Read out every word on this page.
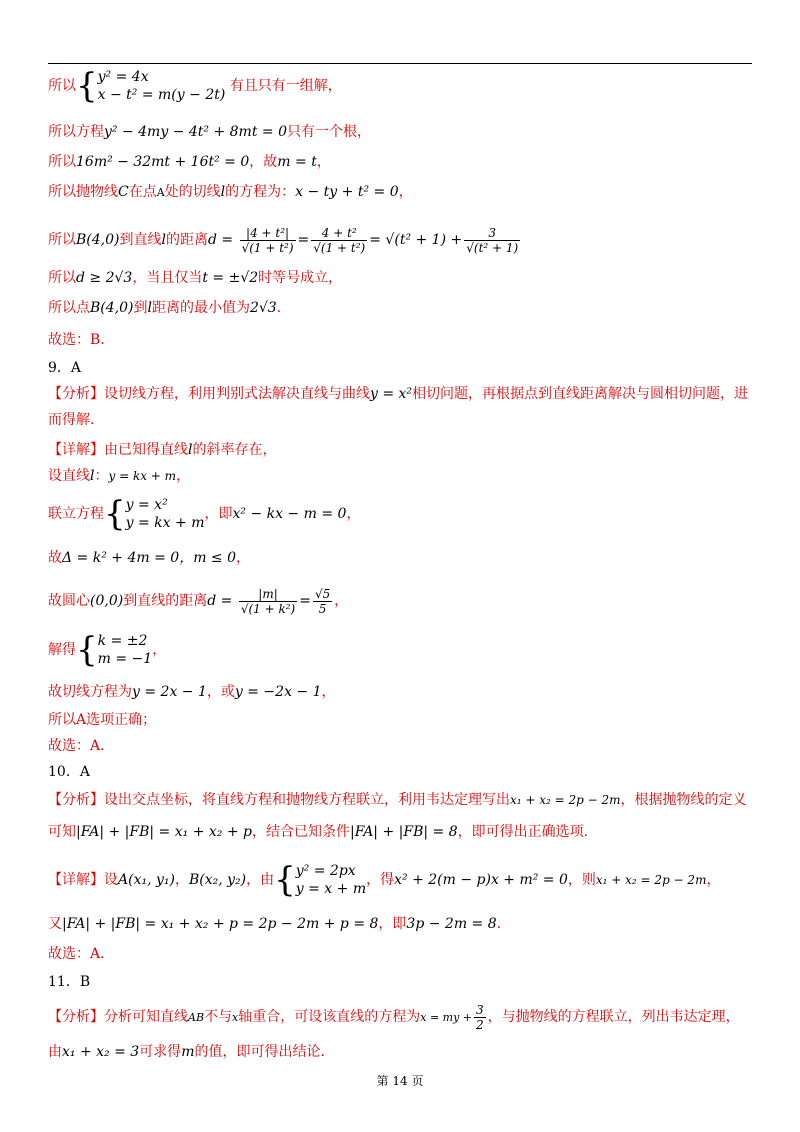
所以{ y² = 4x
x − t² = m(y − 2t)
有且只有一组解，
所以方程y² − 4my − 4t² + 8mt = 0只有一个根，
所以16m² − 32mt + 16t² = 0，故m = t，
所以抛物线C在点A处的切线l的方程为：x − ty + t² = 0，
所以B(4,0)到直线l的距离$d = \frac{\text{|4 + t²|}}{\text{√(1 + t²)}} = \frac{\text{4 + t²}}{\text{√(1 + t²)}} = √(t^2 + 1) + \frac{3}{\text{√(t² + 1)}}$
所以d ≥ 2√3，当且仅当t = ±√2时等号成立，
所以点B(4,0)到l距离的最小值为2√3.
故选：B.
9．A
【分析】设切线方程，利用判别式法解决直线与曲线y = x²相切问题，再根据点到直线距离解决与圆相切问题，进
而得解.
【详解】由已知得直线l的斜率存在，
设直线l：y = kx + m，
联立方程{ y = x²
y = kx + m
，即x² − kx − m = 0，
故Δ = k² + 4m = 0，m ≤ 0，
故圆心(0,0)到直线的距离$d = \frac{|m|}{\text{√(1 + k²)}} = \frac{√5}{5}$ ，
解得{ k = ±2
m = −1
，
故切线方程为y = 2x − 1，或y = −2x − 1，
所以A选项正确；
故选：A.
10．A
【分析】设出交点坐标，将直线方程和抛物线方程联立，利用韦达定理写出x₁ + x₂ = 2p − 2m，根据抛物线的定义
可知|FA| + |FB| = x₁ + x₂ + p，结合已知条件|FA| + |FB| = 8，即可得出正确选项.
【详解】设A(x₁, y₁)，B(x₂, y₂)，由{ y² = 2px
y = x + m
，得x² + 2(m − p)x + m² = 0，则x₁ + x₂ = 2p − 2m，
又|FA| + |FB| = x₁ + x₂ + p = 2p − 2m + p = 8，即3p − 2m = 8.
故选：A.
11．B
【分析】分析可知直线AB不与x轴重合，可设该直线的方程为x = my + $\frac{3}{2}$ ，与抛物线的方程联立，列出韦达定理，
由x₁ + x₂ = 3可求得m的值，即可得出结论.
第 14 页
